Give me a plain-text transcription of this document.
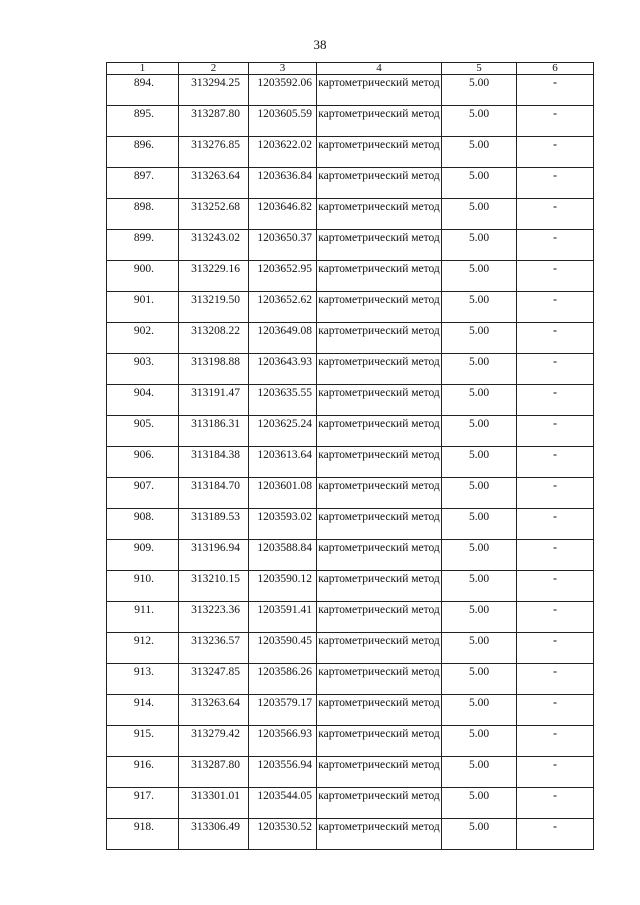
38
1	2	3	4	5	6
894.	313294.25	1203592.06	картометрический метод	5.00	-
895.	313287.80	1203605.59	картометрический метод	5.00	-
896.	313276.85	1203622.02	картометрический метод	5.00	-
897.	313263.64	1203636.84	картометрический метод	5.00	-
898.	313252.68	1203646.82	картометрический метод	5.00	-
899.	313243.02	1203650.37	картометрический метод	5.00	-
900.	313229.16	1203652.95	картометрический метод	5.00	-
901.	313219.50	1203652.62	картометрический метод	5.00	-
902.	313208.22	1203649.08	картометрический метод	5.00	-
903.	313198.88	1203643.93	картометрический метод	5.00	-
904.	313191.47	1203635.55	картометрический метод	5.00	-
905.	313186.31	1203625.24	картометрический метод	5.00	-
906.	313184.38	1203613.64	картометрический метод	5.00	-
907.	313184.70	1203601.08	картометрический метод	5.00	-
908.	313189.53	1203593.02	картометрический метод	5.00	-
909.	313196.94	1203588.84	картометрический метод	5.00	-
910.	313210.15	1203590.12	картометрический метод	5.00	-
911.	313223.36	1203591.41	картометрический метод	5.00	-
912.	313236.57	1203590.45	картометрический метод	5.00	-
913.	313247.85	1203586.26	картометрический метод	5.00	-
914.	313263.64	1203579.17	картометрический метод	5.00	-
915.	313279.42	1203566.93	картометрический метод	5.00	-
916.	313287.80	1203556.94	картометрический метод	5.00	-
917.	313301.01	1203544.05	картометрический метод	5.00	-
918.	313306.49	1203530.52	картометрический метод	5.00	-
